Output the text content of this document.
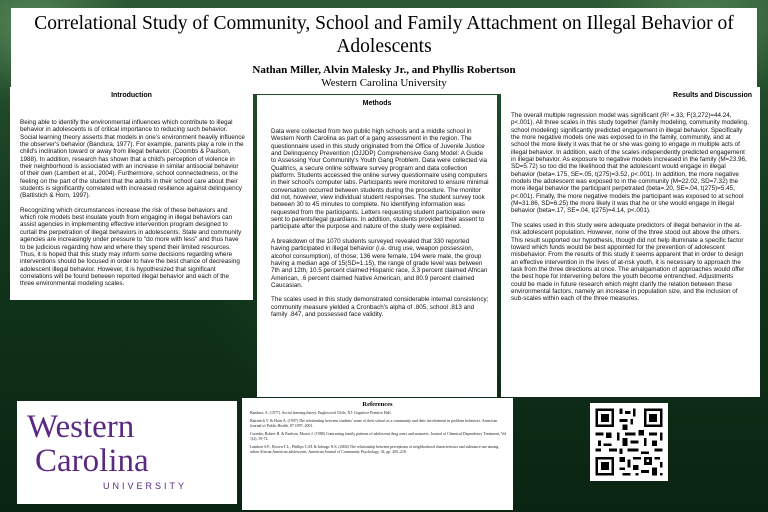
Correlational Study of Community, School and Family Attachment on Illegal Behavior of Adolescents
Nathan Miller, Alvin Malesky Jr., and Phyllis Robertson
Western Carolina University
Introduction

Being able to identify the environmental influences which contribute to illegal behavior in adolescents is of critical importance to reducing such behavior. Social learning theory asserts that models in one's environment heavily influence the observer's behavior (Bandura, 1977). For example, parents play a role in the child's inclination toward or away from illegal behavior. (Coombs & Paulson, 1988). In addition, research has shown that a child's perception of violence in their neighborhood is associated with an increase in similar antisocial behavior of their own (Lambert et al., 2004). Furthermore, school connectedness, or the feeling on the part of the student that the adults in their school care about their students is significantly correlated with increased resilience against delinquency (Battistich & Horn, 1997).

Recognizing which circumstances increase the risk of these behaviors and which role models best insulate youth from engaging in illegal behaviors can assist agencies in implementing effective intervention program designed to curtail the perpetration of illegal behaviors in adolescents. State and community agencies are increasingly under pressure to "do more with less" and thus have to be judicious regarding how and where they spend their limited resources. Thus, it is hoped that this study may inform some decisions regarding where interventions should be focused in order to have the best chance of decreasing adolescent illegal behavior. However, it is hypothesized that significant correlations will be found between reported illegal behavior and each of the three environmental modeling scales.

Methods

Data were collected from two public high schools and a middle school in Western North Carolina as part of a gang assessment in the region. The questionnaire used in this study originated from the Office of Juvenile Justice and Delinquency Prevention (OJJDP) Comprehensive Gang Model: A Guide to Assessing Your Community's Youth Gang Problem. Data were collected via Qualtrics, a secure online software survey program and data collection platform. Students accessed the online survey questionnaire using computers in their school's computer labs. Participants were monitored to ensure minimal conversation occurred between students during the procedure. The monitor did not, however, view individual student responses. The student survey took between 30 to 45 minutes to complete. No identifying information was requested from the participants. Letters requesting student participation were sent to parents/legal guardians. In addition, students provided their assent to participate after the purpose and nature of the study were explained.

A breakdown of the 1070 students surveyed revealed that 330 reported having participated in illegal behavior (i.e. drug use, weapon possession, alcohol consumption), of those; 136 were female, 194 were male, the group having a median age of 15(SD=1.15), the range of grade level was between 7th and 12th, 10.5 percent claimed Hispanic race, 3.3 percent claimed African American, .6 percent claimed Native American, and 80.9 percent claimed Caucasian.

The scales used in this study demonstrated considerable internal consistency; community measure yielded a Cronbach's alpha of .805, school .813 and family .847, and possessed face validity.

Results and Discussion

The overall multiple regression model was significant (R² =.33, F(3,272)=44.24, p<.001). All three scales in this study together (family modeling, community modeling, school modeling) significantly predicted engagement in illegal behavior. Specifically the more negative models one was exposed to in the family, community, and at school the more likely it was that he or she was going to engage in multiple acts of illegal behavior. In addition, each of the scales independently predicted engagement in illegal behavior. As exposure to negative models increased in the family (M=23.96, SD=5.72) so too did the likelihood that the adolescent would engage in illegal behavior (beta=.175, SE=.05, t(275)=3.52, p<.001). In addition, the more negative models the adolescent was exposed to in the community (M=22.02, SD=7.32) the more illegal behavior the participant perpetrated (beta=.20, SE=.04, t(275)=5.45, p<.001). Finally, the more negative models the participant was exposed to at school (M=31.86, SD=6.25) the more likely it was that he or she would engage in illegal behavior (beta=.17, SE=.04, t(275)=4.14, p<.001).

The scales used in this study were adequate predictors of illegal behavior in the at-risk adolescent population. However, none of the three stood out above the others. This result supported our hypothesis, though did not help illuminate a specific factor toward which funds would be best appointed for the prevention of adolescent misbehavior. From the results of this study it seems apparent that in order to design an effective intervention in the lives of at-risk youth, it is necessary to approach the task from the three directions at once. The amalgamation of approaches would offer the best hope for intervening before the youth become entrenched. Adjustments could be made in future research which might clarify the relation between these environmental factors, namely an increase in population size, and the inclusion of sub-scales within each of the three measures.

Western
Carolina
UNIVERSITY
References

Bandura, A. (1977). Social learning theory. Englewood Cliffs, NJ: Cognitive Prentice Hall.

Battistich V. & Horn A. (1997) The relationship between students' sense of their school as a community and their involvement in problem behaviors. American Journal of Public Health, 87:1997–2001.

Coombs, Robert H. & Paulson, Morris J. (1988) Contrasting family patterns of adolescent drug users and nonusers. Journal of Chemical Dependency Treatment, Vol 1(2), 59-72.

Lambert S.F., Brown T.L., Phillips C.M. & Ialongo N.S. (2004) The relationship between perceptions of neighborhood characteristics and substance use among urban African American adolescents. American Journal of Community Psychology, 34, pp. 205–218.
